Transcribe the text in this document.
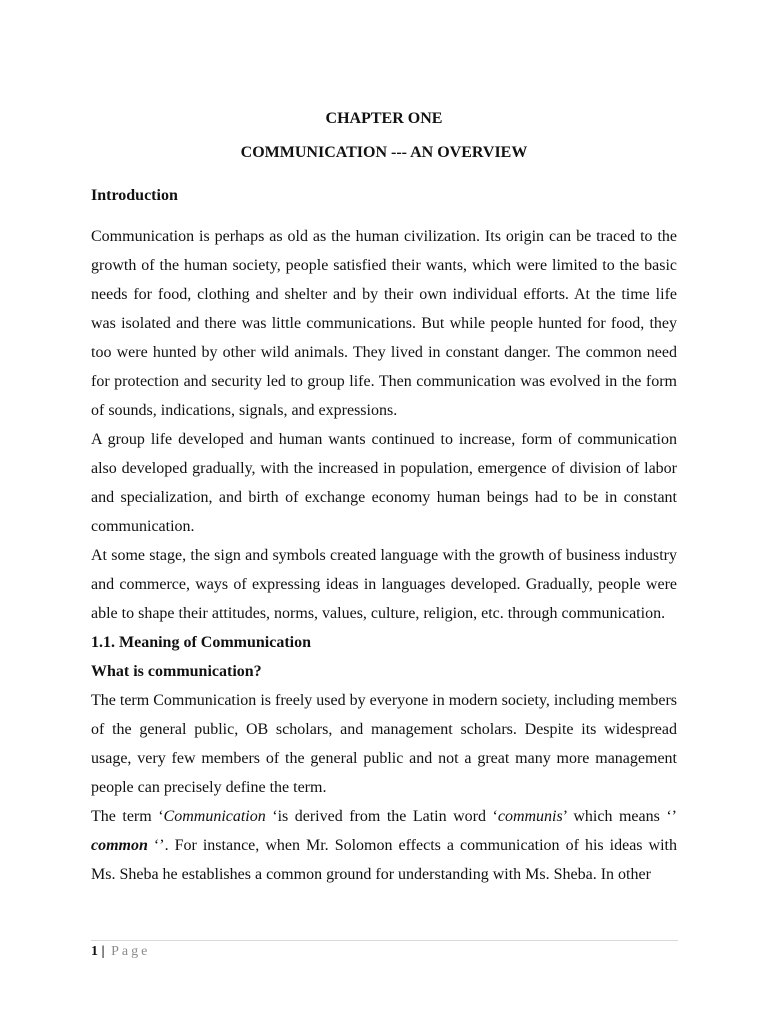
CHAPTER ONE

COMMUNICATION --- AN OVERVIEW

Introduction

Communication is perhaps as old as the human civilization. Its origin can be traced to the growth of the human society, people satisfied their wants, which were limited to the basic needs for food, clothing and shelter and by their own individual efforts. At the time life was isolated and there was little communications. But while people hunted for food, they too were hunted by other wild animals. They lived in constant danger. The common need for protection and security led to group life. Then communication was evolved in the form of sounds, indications, signals, and expressions.

A group life developed and human wants continued to increase, form of communication also developed gradually, with the increased in population, emergence of division of labor and specialization, and birth of exchange economy human beings had to be in constant communication.

At some stage, the sign and symbols created language with the growth of business industry and commerce, ways of expressing ideas in languages developed. Gradually, people were able to shape their attitudes, norms, values, culture, religion, etc. through communication.

1.1. Meaning of Communication

What is communication?

The term Communication is freely used by everyone in modern society, including members of the general public, OB scholars, and management scholars. Despite its widespread usage, very few members of the general public and not a great many more management people can precisely define the term.

The term ‘Communication ‘is derived from the Latin word ‘communis’ which means ‘’ common ‘’. For instance, when Mr. Solomon effects a communication of his ideas with Ms. Sheba he establishes a common ground for understanding with Ms. Sheba. In other

1 | Page
